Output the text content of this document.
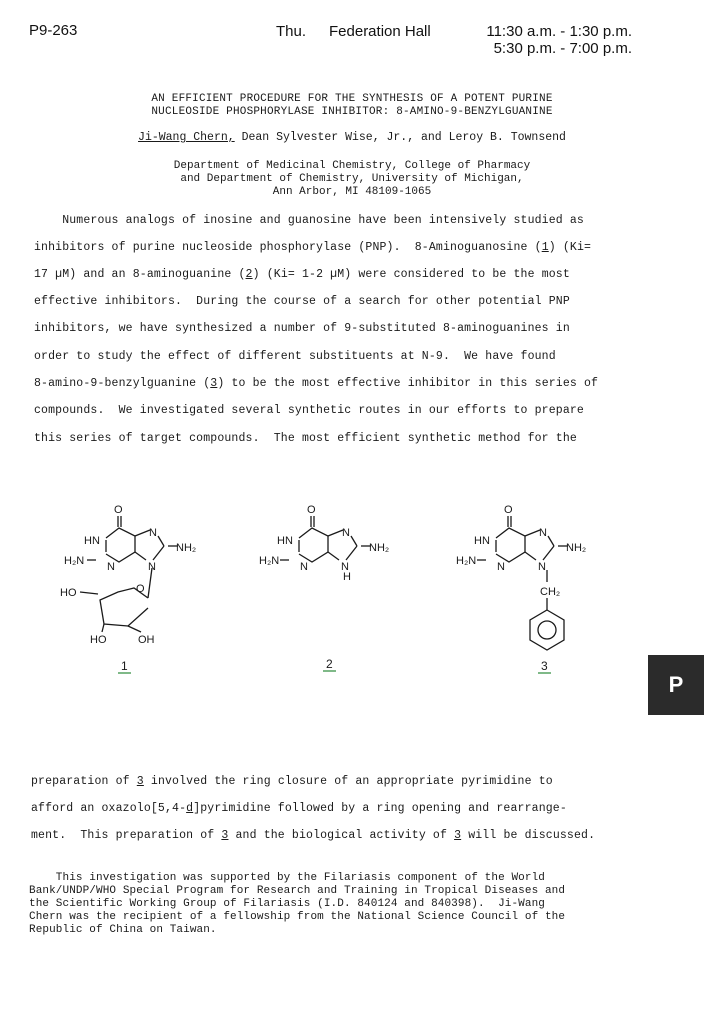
P9-263	Thu. Federation Hall	11:30 a.m. - 1:30 p.m.
5:30 p.m. - 7:00 p.m.
AN EFFICIENT PROCEDURE FOR THE SYNTHESIS OF A POTENT PURINE
NUCLEOSIDE PHOSPHORYLASE INHIBITOR: 8-AMINO-9-BENZYLGUANINE
Ji-Wang Chern, Dean Sylvester Wise, Jr., and Leroy B. Townsend
Department of Medicinal Chemistry, College of Pharmacy
and Department of Chemistry, University of Michigan,
Ann Arbor, MI 48109-1065
Numerous analogs of inosine and guanosine have been intensively studied as
inhibitors of purine nucleoside phosphorylase (PNP).  8-Aminoguanosine (1) (Ki=
17 µM) and an 8-aminoguanine (2) (Ki= 1-2 µM) were considered to be the most
effective inhibitors.  During the course of a search for other potential PNP
inhibitors, we have synthesized a number of 9-substituted 8-aminoguanines in
order to study the effect of different substituents at N-9.  We have found
8-amino-9-benzylguanine (3) to be the most effective inhibitor in this series of
compounds.  We investigated several synthetic routes in our efforts to prepare
this series of target compounds.  The most efficient synthetic method for the
O
HN
N
NH₂
H₂N N	N
O
HO
HO	OH
O
HN
N
NH₂
H₂N N	N
H
O
HN
N
NH₂
H₂N N	N
CH₂
1	2	3
P
preparation of 3 involved the ring closure of an appropriate pyrimidine to
afford an oxazolo[5,4-d]pyrimidine followed by a ring opening and rearrange-
ment.  This preparation of 3 and the biological activity of 3 will be discussed.
This investigation was supported by the Filariasis component of the World
Bank/UNDP/WHO Special Program for Research and Training in Tropical Diseases and
the Scientific Working Group of Filariasis (I.D. 840124 and 840398).  Ji-Wang
Chern was the recipient of a fellowship from the National Science Council of the
Republic of China on Taiwan.
